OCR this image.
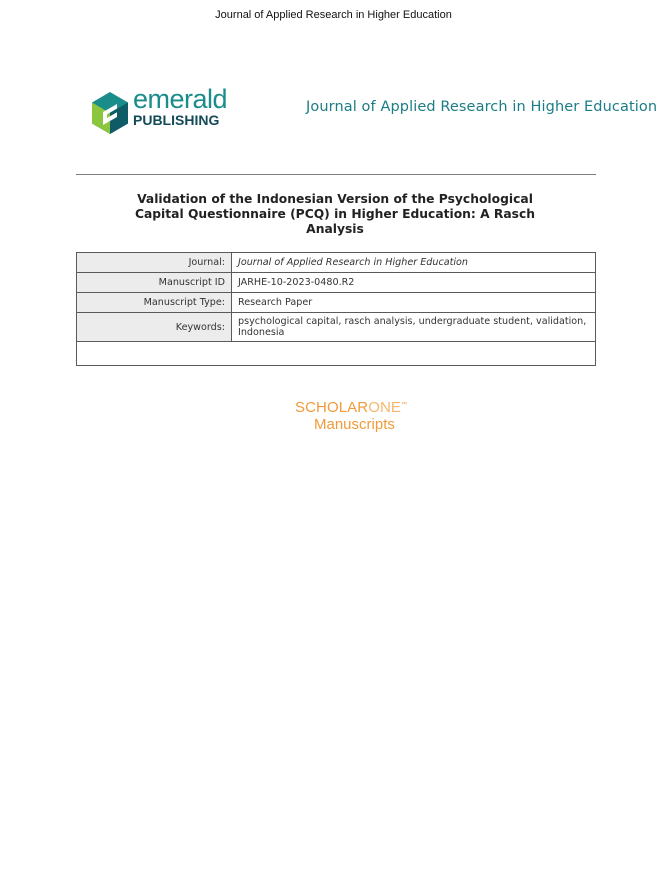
Journal of Applied Research in Higher Education
emerald
PUBLISHING
Journal of Applied Research in Higher Education
Validation of the Indonesian Version of the Psychological Capital Questionnaire (PCQ) in Higher Education: A Rasch Analysis
Journal:	Journal of Applied Research in Higher Education
Manuscript ID	JARHE-10-2023-0480.R2
Manuscript Type:	Research Paper
Keywords:	psychological capital, rasch analysis, undergraduate student, validation, Indonesia

SCHOLARONE™
Manuscripts
